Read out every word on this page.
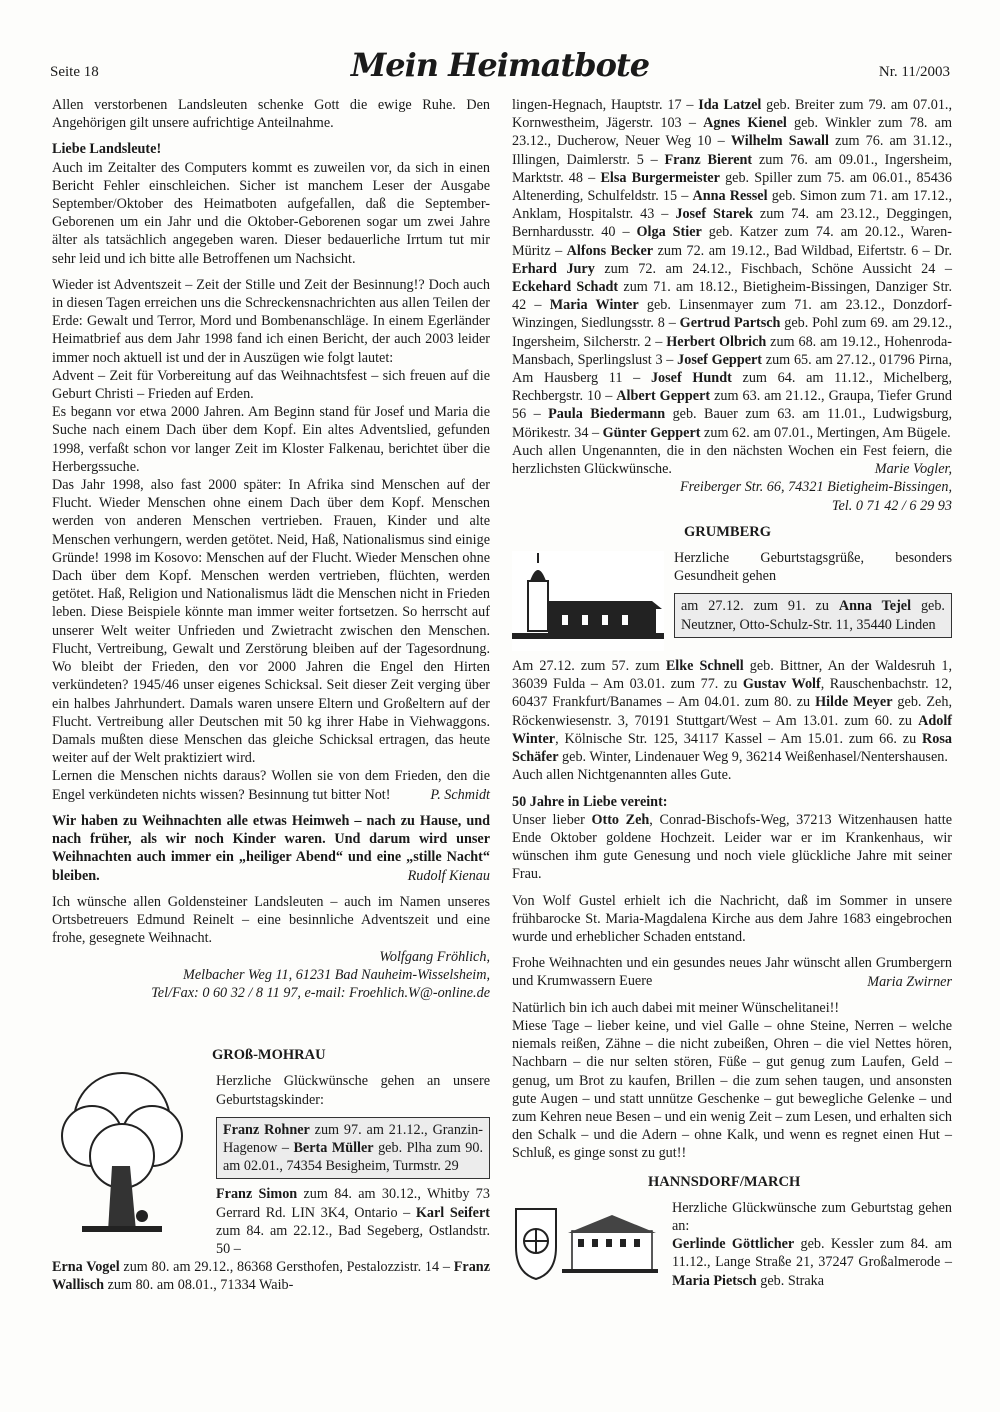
Seite 18	Mein Heimatbote	Nr. 11/2003

Allen verstorbenen Landsleuten schenke Gott die ewige Ruhe. Den Angehörigen gilt unsere aufrichtige Anteilnahme.

Liebe Landsleute!

Auch im Zeitalter des Computers kommt es zuweilen vor, da sich in einen Bericht Fehler einschleichen. Sicher ist manchem Leser der Ausgabe September/Oktober des Heimatboten aufgefallen, daß die September-Geborenen um ein Jahr und die Oktober-Geborenen sogar um zwei Jahre älter als tatsächlich angegeben waren. Dieser bedauerliche Irrtum tut mir sehr leid und ich bitte alle Betroffenen um Nachsicht.

Wieder ist Adventszeit – Zeit der Stille und Zeit der Besinnung!? Doch auch in diesen Tagen erreichen uns die Schreckensnachrichten aus allen Teilen der Erde: Gewalt und Terror, Mord und Bombenanschläge. In einem Egerländer Heimatbrief aus dem Jahr 1998 fand ich einen Bericht, der auch 2003 leider immer noch aktuell ist und der in Auszügen wie folgt lautet:

Advent – Zeit für Vorbereitung auf das Weihnachtsfest – sich freuen auf die Geburt Christi – Frieden auf Erden.

Es begann vor etwa 2000 Jahren. Am Beginn stand für Josef und Maria die Suche nach einem Dach über dem Kopf. Ein altes Adventslied, gefunden 1998, verfaßt schon vor langer Zeit im Kloster Falkenau, berichtet über die Herbergssuche.

Das Jahr 1998, also fast 2000 später: In Afrika sind Menschen auf der Flucht. Wieder Menschen ohne einem Dach über dem Kopf. Menschen werden von anderen Menschen vertrieben. Frauen, Kinder und alte Menschen verhungern, werden getötet. Neid, Haß, Nationalismus sind einige Gründe! 1998 im Kosovo: Menschen auf der Flucht. Wieder Menschen ohne Dach über dem Kopf. Menschen werden vertrieben, flüchten, werden getötet. Haß, Religion und Nationalismus lädt die Menschen nicht in Frieden leben. Diese Beispiele könnte man immer weiter fortsetzen. So herrscht auf unserer Welt weiter Unfrieden und Zwietracht zwischen den Menschen. Flucht, Vertreibung, Gewalt und Zerstörung bleiben auf der Tagesordnung. Wo bleibt der Frieden, den vor 2000 Jahren die Engel den Hirten verkündeten? 1945/46 unser eigenes Schicksal. Seit dieser Zeit verging über ein halbes Jahrhundert. Damals waren unsere Eltern und Großeltern auf der Flucht. Vertreibung aller Deutschen mit 50 kg ihrer Habe in Viehwaggons. Damals mußten diese Menschen das gleiche Schicksal ertragen, das heute weiter auf der Welt praktiziert wird.

Lernen die Menschen nichts daraus? Wollen sie von dem Frieden, den die Engel verkündeten nichts wissen? Besinnung tut bitter Not!	P. Schmidt

Wir haben zu Weihnachten alle etwas Heimweh – nach zu Hause, und nach früher, als wir noch Kinder waren. Und darum wird unser Weihnachten auch immer ein „heiliger Abend“ und eine „stille Nacht“ bleiben.	Rudolf Kienau

Ich wünsche allen Goldensteiner Landsleuten – auch im Namen unseres Ortsbetreuers Edmund Reinelt – eine besinnliche Adventszeit und eine frohe, gesegnete Weihnacht.

Wolfgang Fröhlich,

Melbacher Weg 11, 61231 Bad Nauheim-Wisselsheim,

Tel/Fax: 0 60 32 / 8 11 97, e-mail: Froehlich.W@-online.de

GROß-MOHRAU

Herzliche Glückwünsche gehen an unsere Geburtstagskinder:

Franz Rohner zum 97. am 21.12., Granzin-Hagenow – Berta Müller geb. Plha zum 90. am 02.01., 74354 Besigheim, Turmstr. 29

Franz Simon zum 84. am 30.12., Whitby 73 Gerrard Rd. LIN 3K4, Ontario – Karl Seifert zum 84. am 22.12., Bad Segeberg, Ostlandstr. 50 –

Erna Vogel zum 80. am 29.12., 86368 Gersthofen, Pestalozzistr. 14 – Franz Wallisch zum 80. am 08.01., 71334 Waib-

lingen-Hegnach, Hauptstr. 17 – Ida Latzel geb. Breiter zum 79. am 07.01., Kornwestheim, Jägerstr. 103 – Agnes Kienel geb. Winkler zum 78. am 23.12., Ducherow, Neuer Weg 10 – Wilhelm Sawall zum 76. am 31.12., Illingen, Daimlerstr. 5 – Franz Bierent zum 76. am 09.01., Ingersheim, Marktstr. 48 – Elsa Burgermeister geb. Spiller zum 75. am 06.01., 85436 Altenerding, Schulfeldstr. 15 – Anna Ressel geb. Simon zum 71. am 17.12., Anklam, Hospitalstr. 43 – Josef Starek zum 74. am 23.12., Deggingen, Bernhardusstr. 40 – Olga Stier geb. Katzer zum 74. am 20.12., Waren-Müritz – Alfons Becker zum 72. am 19.12., Bad Wildbad, Eifertstr. 6 – Dr. Erhard Jury zum 72. am 24.12., Fischbach, Schöne Aussicht 24 – Eckehard Schadt zum 71. am 18.12., Bietigheim-Bissingen, Danziger Str. 42 – Maria Winter geb. Linsenmayer zum 71. am 23.12., Donzdorf-Winzingen, Siedlungsstr. 8 – Gertrud Partsch geb. Pohl zum 69. am 29.12., Ingersheim, Silcherstr. 2 – Herbert Olbrich zum 68. am 19.12., Hohenroda-Mansbach, Sperlingslust 3 – Josef Geppert zum 65. am 27.12., 01796 Pirna, Am Hausberg 11 – Josef Hundt zum 64. am 11.12., Michelberg, Rechbergstr. 10 – Albert Geppert zum 63. am 21.12., Graupa, Tiefer Grund 56 – Paula Biedermann geb. Bauer zum 63. am 11.01., Ludwigsburg, Mörikestr. 34 – Günter Geppert zum 62. am 07.01., Mertingen, Am Bügele.

Auch allen Ungenannten, die in den nächsten Wochen ein Fest feiern, die herzlichsten Glückwünsche.	Marie Vogler,

Freiberger Str. 66, 74321 Bietigheim-Bissingen,

Tel. 0 71 42 / 6 29 93

GRUMBERG

Herzliche Geburtstagsgrüße, besonders Gesundheit gehen

am 27.12. zum 91. zu Anna Tejel geb. Neutzner, Otto-Schulz-Str. 11, 35440 Linden

Am 27.12. zum 57. zum Elke Schnell geb. Bittner, An der Waldesruh 1, 36039 Fulda – Am 03.01. zum 77. zu Gustav Wolf, Rauschenbachstr. 12, 60437 Frankfurt/Banames – Am 04.01. zum 80. zu Hilde Meyer geb. Zeh, Röckenwiesenstr. 3, 70191 Stuttgart/West – Am 13.01. zum 60. zu Adolf Winter, Kölnische Str. 125, 34117 Kassel – Am 15.01. zum 66. zu Rosa Schäfer geb. Winter, Lindenauer Weg 9, 36214 Weißenhasel/Nentershausen.

Auch allen Nichtgenannten alles Gute.

50 Jahre in Liebe vereint:

Unser lieber Otto Zeh, Conrad-Bischofs-Weg, 37213 Witzenhausen hatte Ende Oktober goldene Hochzeit. Leider war er im Krankenhaus, wir wünschen ihm gute Genesung und noch viele glückliche Jahre mit seiner Frau.

Von Wolf Gustel erhielt ich die Nachricht, daß im Sommer in unsere frühbarocke St. Maria-Magdalena Kirche aus dem Jahre 1683 eingebrochen wurde und erheblicher Schaden entstand.

Frohe Weihnachten und ein gesundes neues Jahr wünscht allen Grumbergern und Krumwassern Euere	Maria Zwirner

Natürlich bin ich auch dabei mit meiner Wünschelitanei!!

Miese Tage – lieber keine, und viel Galle – ohne Steine, Nerren – welche niemals reißen, Zähne – die nicht zubeißen, Ohren – die viel Nettes hören, Nachbarn – die nur selten stören, Füße – gut genug zum Laufen, Geld – genug, um Brot zu kaufen, Brillen – die zum sehen taugen, und ansonsten gute Augen – und statt unnütze Geschenke – gut bewegliche Gelenke – und zum Kehren neue Besen – und ein wenig Zeit – zum Lesen, und erhalten sich den Schalk – und die Adern – ohne Kalk, und wenn es regnet einen Hut – Schluß, es ginge sonst zu gut!!

HANNSDORF/MARCH

Herzliche Glückwünsche zum Geburtstag gehen an:

Gerlinde Göttlicher geb. Kessler zum 84. am 11.12., Lange Straße 21, 37247 Großalmerode – Maria Pietsch geb. Straka
